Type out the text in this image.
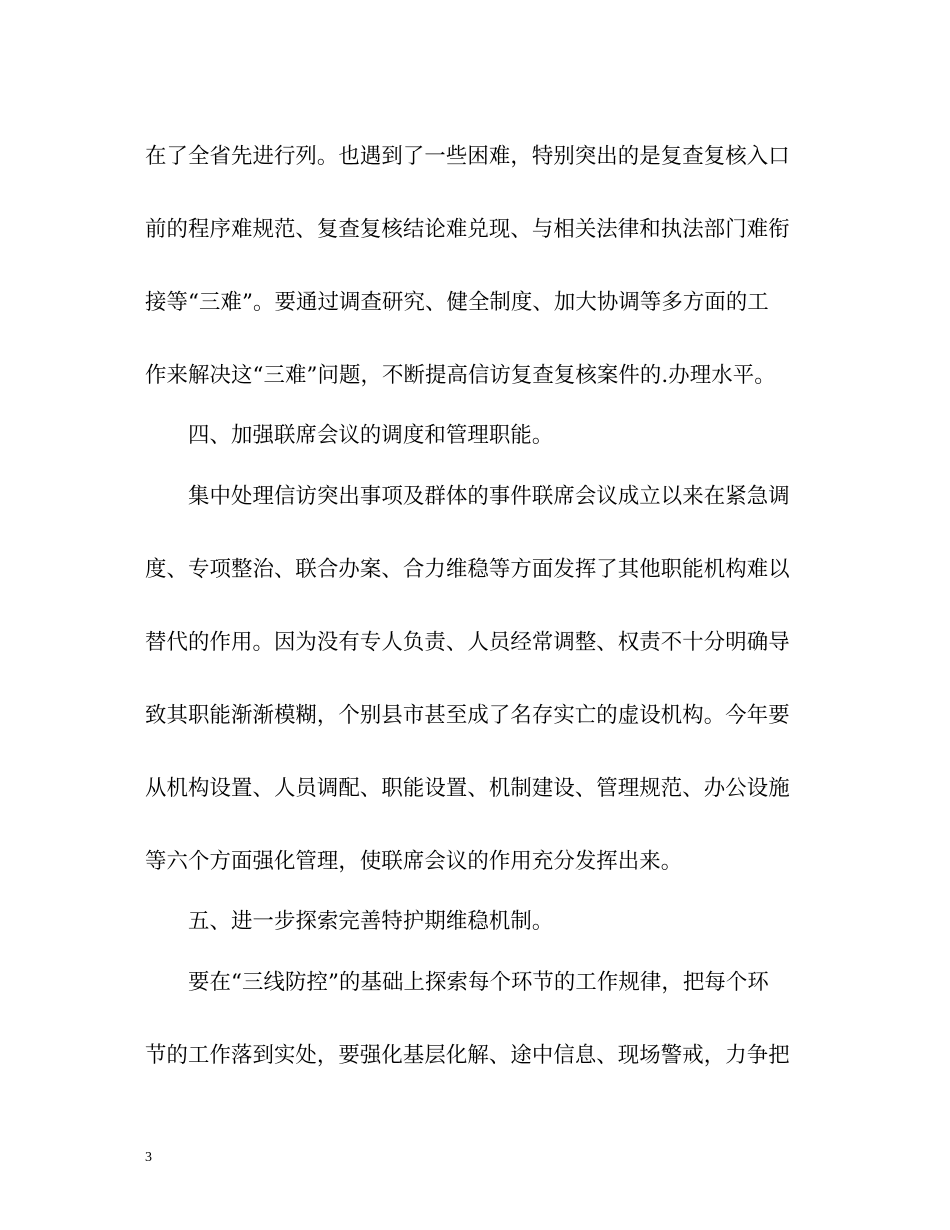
在了全省先进行列。也遇到了一些困难，特别突出的是复查复核入口
前的程序难规范、复查复核结论难兑现、与相关法律和执法部门难衔
接等“三难”。要通过调查研究、健全制度、加大协调等多方面的工
作来解决这“三难”问题，不断提高信访复查复核案件的.办理水平。
四、加强联席会议的调度和管理职能。
集中处理信访突出事项及群体的事件联席会议成立以来在紧急调
度、专项整治、联合办案、合力维稳等方面发挥了其他职能机构难以
替代的作用。因为没有专人负责、人员经常调整、权责不十分明确导
致其职能渐渐模糊，个别县市甚至成了名存实亡的虚设机构。今年要
从机构设置、人员调配、职能设置、机制建设、管理规范、办公设施
等六个方面强化管理，使联席会议的作用充分发挥出来。
五、进一步探索完善特护期维稳机制。
要在“三线防控”的基础上探索每个环节的工作规律，把每个环
节的工作落到实处，要强化基层化解、途中信息、现场警戒，力争把
3
